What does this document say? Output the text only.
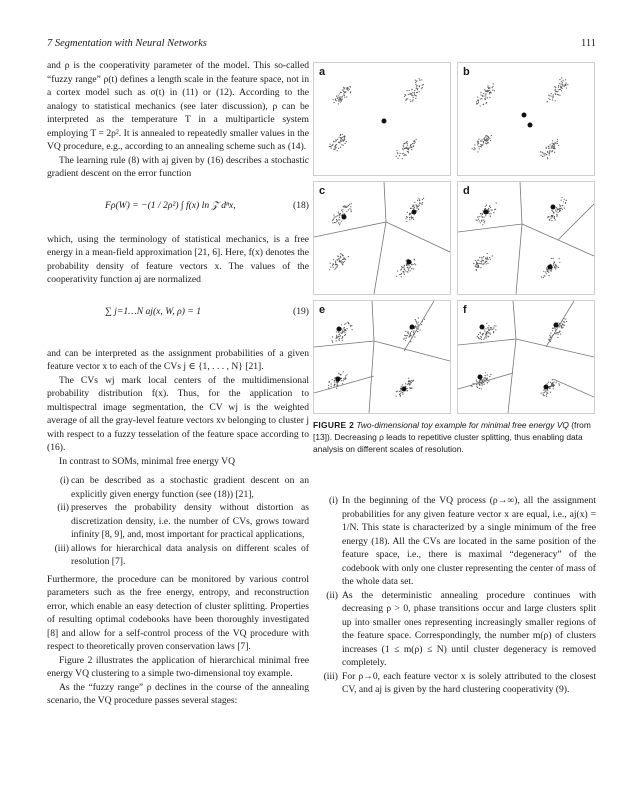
7 Segmentation with Neural Networks	111

and ρ is the cooperativity parameter of the model. This so-called “fuzzy range” ρ(t) defines a length scale in the feature space, not in a cortex model such as σ(t) in (11) or (12). According to the analogy to statistical mechanics (see later discussion), ρ can be interpreted as the temperature T in a multiparticle system employing T = 2ρ². It is annealed to repeatedly smaller values in the VQ procedure, e.g., according to an annealing scheme such as (14).

The learning rule (8) with aj given by (16) describes a stochastic gradient descent on the error function

Fρ(W) = −(1 / 2ρ²) ∫ f(x) ln 𝒵 dⁿx,	(18)

which, using the terminology of statistical mechanics, is a free energy in a mean-field approximation [21, 6]. Here, f(x) denotes the probability density of feature vectors x. The values of the cooperativity function aj are normalized

∑ j=1…N aj(x, W, ρ) = 1	(19)

and can be interpreted as the assignment probabilities of a given feature vector x to each of the CVs j ∈ {1, . . . , N} [21].

The CVs wj mark local centers of the multidimensional probability distribution f(x). Thus, for the application to multispectral image segmentation, the CV wj is the weighted average of all the gray-level feature vectors xν belonging to cluster j with respect to a fuzzy tesselation of the feature space according to (16).

In contrast to SOMs, minimal free energy VQ

(i) can be described as a stochastic gradient descent on an explicitly given energy function (see (18)) [21],
(ii) preserves the probability density without distortion as discretization density, i.e. the number of CVs, grows toward infinity [8, 9], and, most important for practical applications,
(iii) allows for hierarchical data analysis on different scales of resolution [7].

Furthermore, the procedure can be monitored by various control parameters such as the free energy, entropy, and reconstruction error, which enable an easy detection of cluster splitting. Properties of resulting optimal codebooks have been thoroughly investigated [8] and allow for a self-control process of the VQ procedure with respect to theoretically proven conservation laws [7].

Figure 2 illustrates the application of hierarchical minimal free energy VQ clustering to a simple two-dimensional toy example.

As the “fuzzy range” ρ declines in the course of the annealing scenario, the VQ procedure passes several stages:

a	b
c	d
e	f
FIGURE 2 Two-dimensional toy example for minimal free energy VQ (from [13]). Decreasing ρ leads to repetitive cluster splitting, thus enabling data analysis on different scales of resolution.
(i) In the beginning of the VQ process (ρ→∞), all the assignment probabilities for any given feature vector x are equal, i.e., aj(x) = 1/N. This state is characterized by a single minimum of the free energy (18). All the CVs are located in the same position of the feature space, i.e., there is maximal “degeneracy” of the codebook with only one cluster representing the center of mass of the whole data set.
(ii) As the deterministic annealing procedure continues with decreasing ρ > 0, phase transitions occur and large clusters split up into smaller ones representing increasingly smaller regions of the feature space. Correspondingly, the number m(ρ) of clusters increases (1 ≤ m(ρ) ≤ N) until cluster degeneracy is removed completely.
(iii) For ρ→0, each feature vector x is solely attributed to the closest CV, and aj is given by the hard clustering cooperativity (9).
